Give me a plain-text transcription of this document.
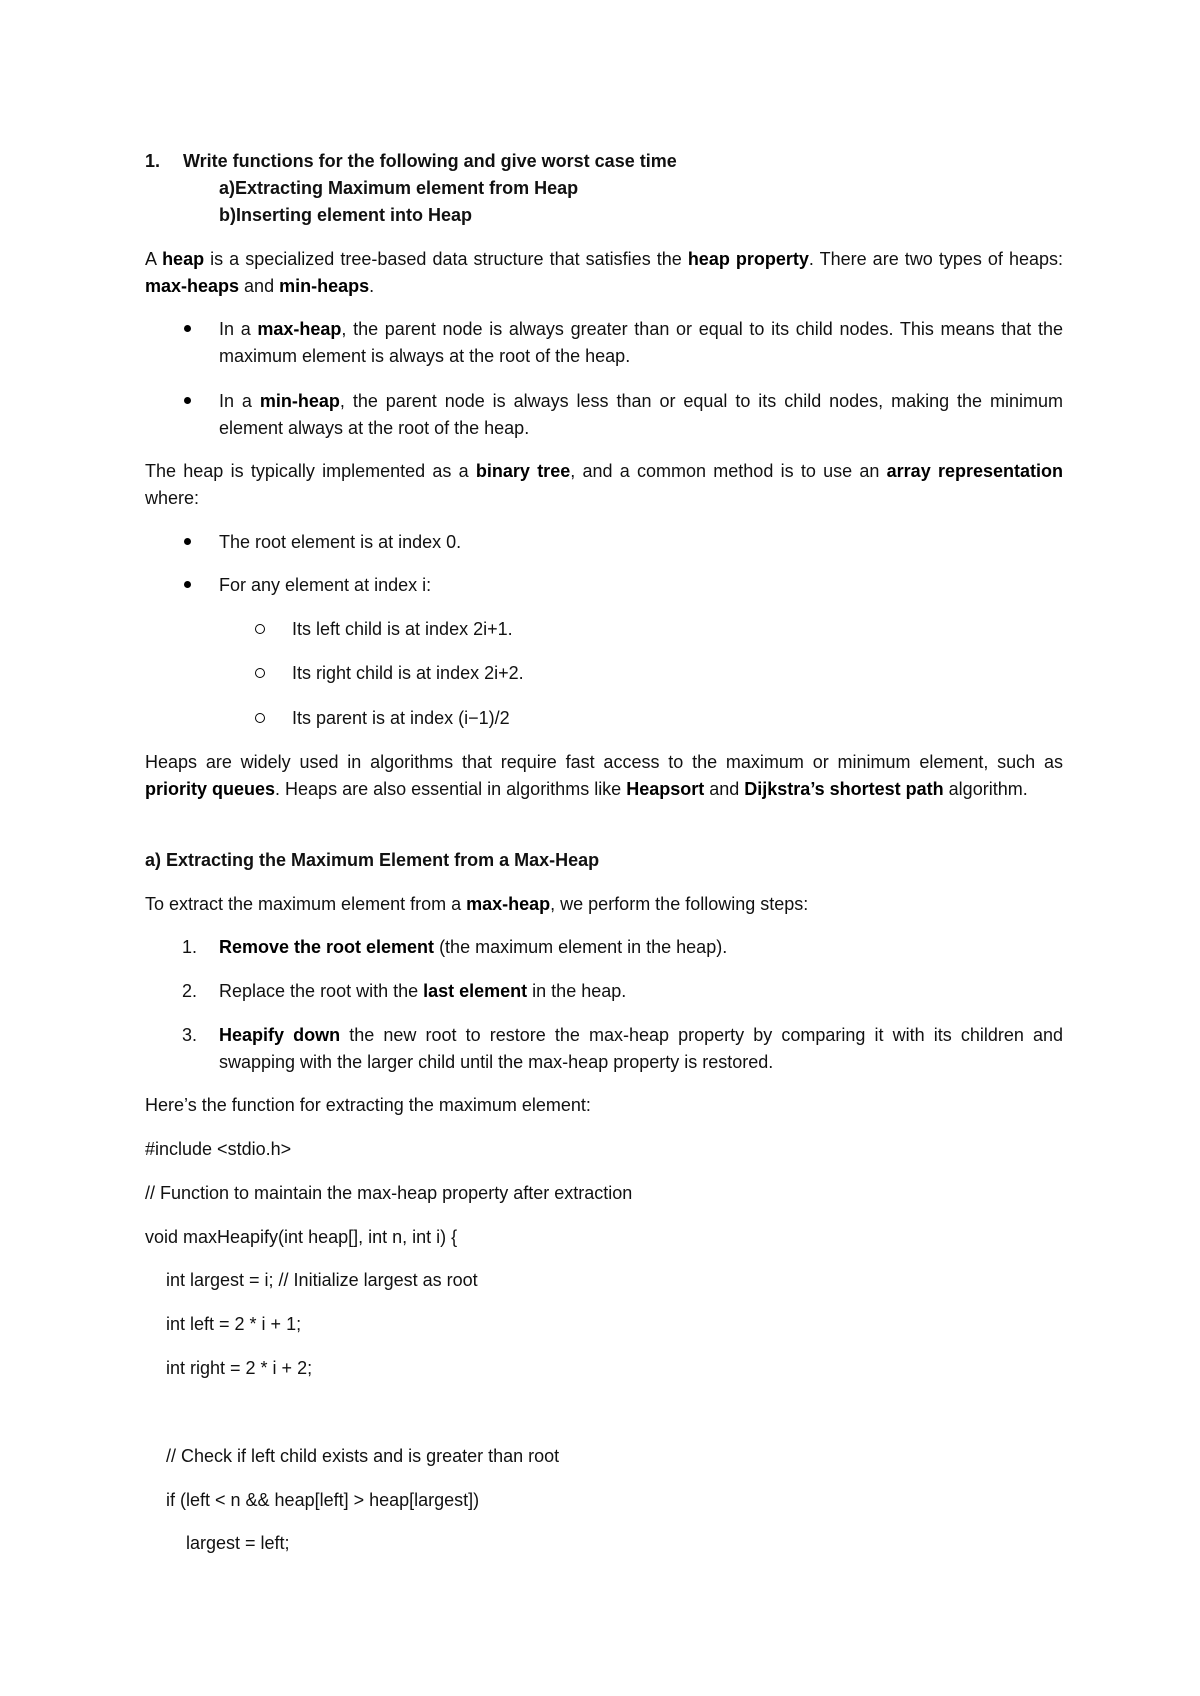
1. Write functions for the following and give worst case time
a)Extracting Maximum element from Heap
b)Inserting element into Heap
A heap is a specialized tree-based data structure that satisfies the heap property. There are two types of heaps: max-heaps and min-heaps.
In a max-heap, the parent node is always greater than or equal to its child nodes. This means that the maximum element is always at the root of the heap.
In a min-heap, the parent node is always less than or equal to its child nodes, making the minimum element always at the root of the heap.
The heap is typically implemented as a binary tree, and a common method is to use an array representation where:
The root element is at index 0.
For any element at index i:
Its left child is at index 2i+1.
Its right child is at index 2i+2.
Its parent is at index (i−1)/2
Heaps are widely used in algorithms that require fast access to the maximum or minimum element, such as priority queues. Heaps are also essential in algorithms like Heapsort and Dijkstra’s shortest path algorithm.
a) Extracting the Maximum Element from a Max-Heap
To extract the maximum element from a max-heap, we perform the following steps:
1. Remove the root element (the maximum element in the heap).
2. Replace the root with the last element in the heap.
3. Heapify down the new root to restore the max-heap property by comparing it with its children and swapping with the larger child until the max-heap property is restored.
Here’s the function for extracting the maximum element:
#include <stdio.h>
// Function to maintain the max-heap property after extraction
void maxHeapify(int heap[], int n, int i) {
int largest = i; // Initialize largest as root
int left = 2 * i + 1;
int right = 2 * i + 2;
// Check if left child exists and is greater than root
if (left < n && heap[left] > heap[largest])
largest = left;
